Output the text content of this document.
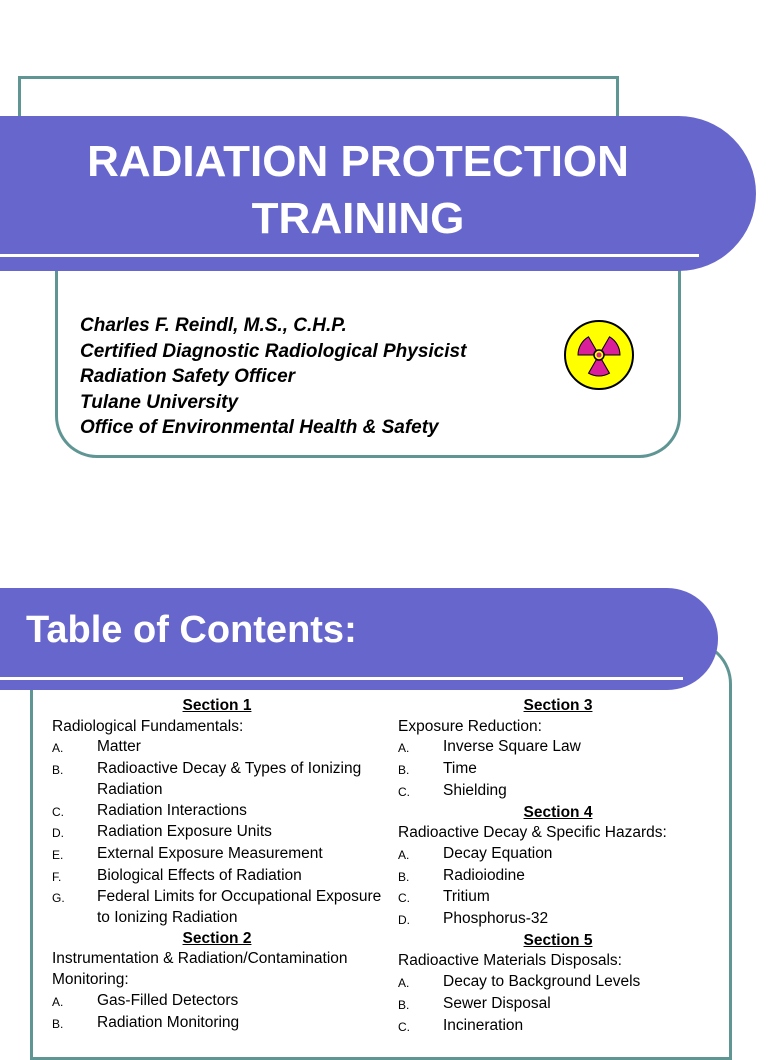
RADIATION PROTECTION
TRAINING
Charles F. Reindl, M.S., C.H.P.
Certified Diagnostic Radiological Physicist
Radiation Safety Officer
Tulane University
Office of Environmental Health & Safety
Table of Contents:
Section 1
Radiological Fundamentals:
A.	Matter
B.	Radioactive Decay & Types of Ionizing Radiation
C.	Radiation Interactions
D.	Radiation Exposure Units
E.	External Exposure Measurement
F.	Biological Effects of Radiation
G.	Federal Limits for Occupational Exposure to Ionizing Radiation
Section 2
Instrumentation & Radiation/Contamination Monitoring:
A.	Gas-Filled Detectors
B.	Radiation Monitoring
Section 3
Exposure Reduction:
A.	Inverse Square Law
B.	Time
C.	Shielding
Section 4
Radioactive Decay & Specific Hazards:
A.	Decay Equation
B.	Radioiodine
C.	Tritium
D.	Phosphorus-32
Section 5
Radioactive Materials Disposals:
A.	Decay to Background Levels
B.	Sewer Disposal
C.	Incineration
